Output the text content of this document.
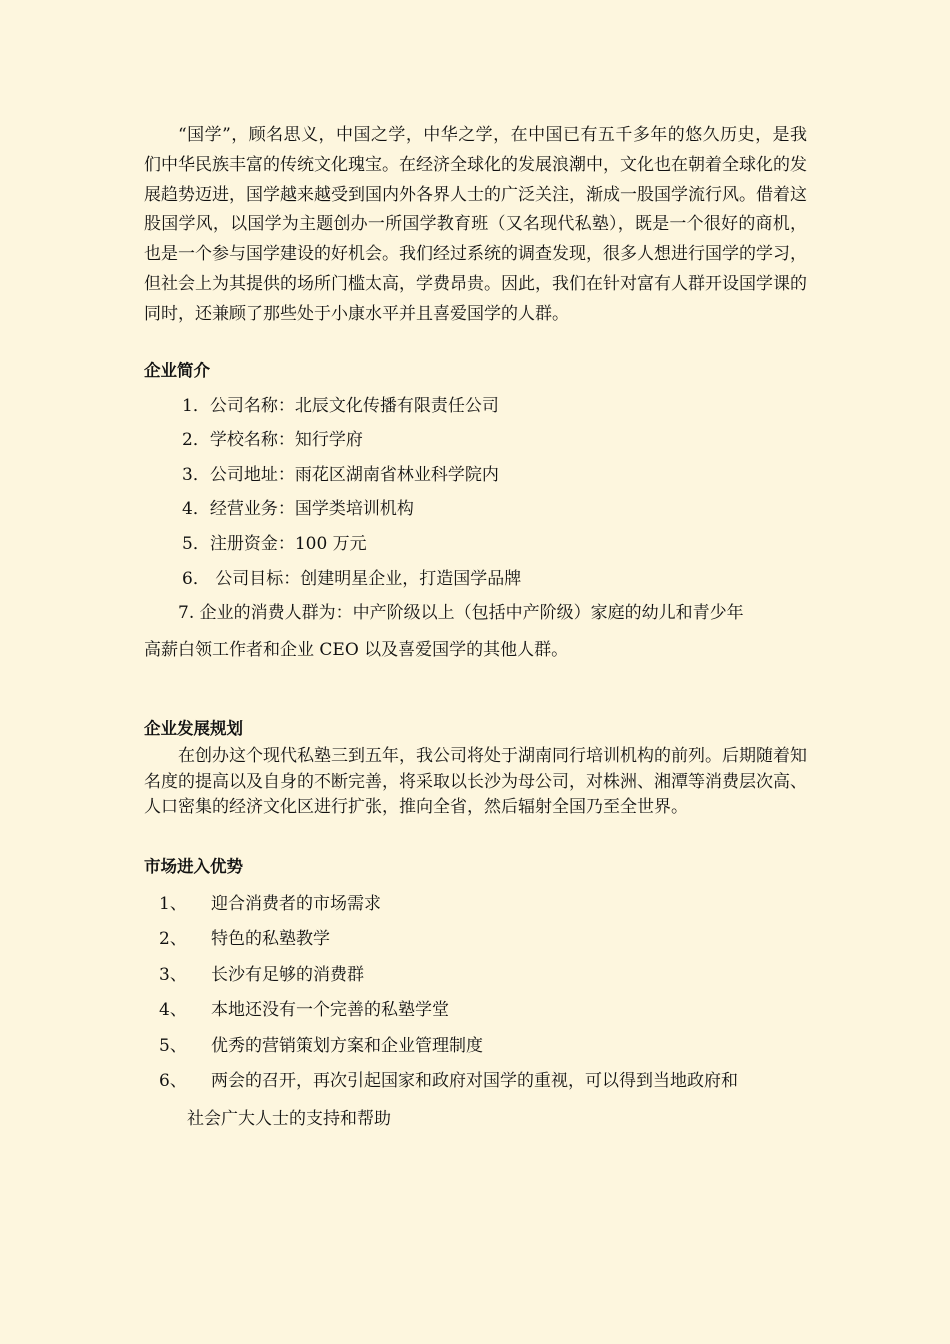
“国学”，顾名思义，中国之学，中华之学，在中国已有五千多年的悠久历史，是我们中华民族丰富的传统文化瑰宝。在经济全球化的发展浪潮中，文化也在朝着全球化的发展趋势迈进，国学越来越受到国内外各界人士的广泛关注，渐成一股国学流行风。借着这股国学风，以国学为主题创办一所国学教育班（又名现代私塾），既是一个很好的商机，也是一个参与国学建设的好机会。我们经过系统的调查发现，很多人想进行国学的学习，但社会上为其提供的场所门槛太高，学费昂贵。因此，我们在针对富有人群开设国学课的同时，还兼顾了那些处于小康水平并且喜爱国学的人群。

企业简介
1．公司名称：北辰文化传播有限责任公司
2．学校名称：知行学府
3．公司地址：雨花区湖南省林业科学院内
4．经营业务：国学类培训机构
5．注册资金：100 万元
6． 公司目标：创建明星企业，打造国学品牌
7. 企业的消费人群为：中产阶级以上（包括中产阶级）家庭的幼儿和青少年
高薪白领工作者和企业 CEO 以及喜爱国学的其他人群。
企业发展规划

在创办这个现代私塾三到五年，我公司将处于湖南同行培训机构的前列。后期随着知名度的提高以及自身的不断完善，将采取以长沙为母公司，对株洲、湘潭等消费层次高、人口密集的经济文化区进行扩张，推向全省，然后辐射全国乃至全世界。

市场进入优势
1、 迎合消费者的市场需求
2、 特色的私塾教学
3、 长沙有足够的消费群
4、 本地还没有一个完善的私塾学堂
5、 优秀的营销策划方案和企业管理制度
6、 两会的召开，再次引起国家和政府对国学的重视，可以得到当地政府和
社会广大人士的支持和帮助
